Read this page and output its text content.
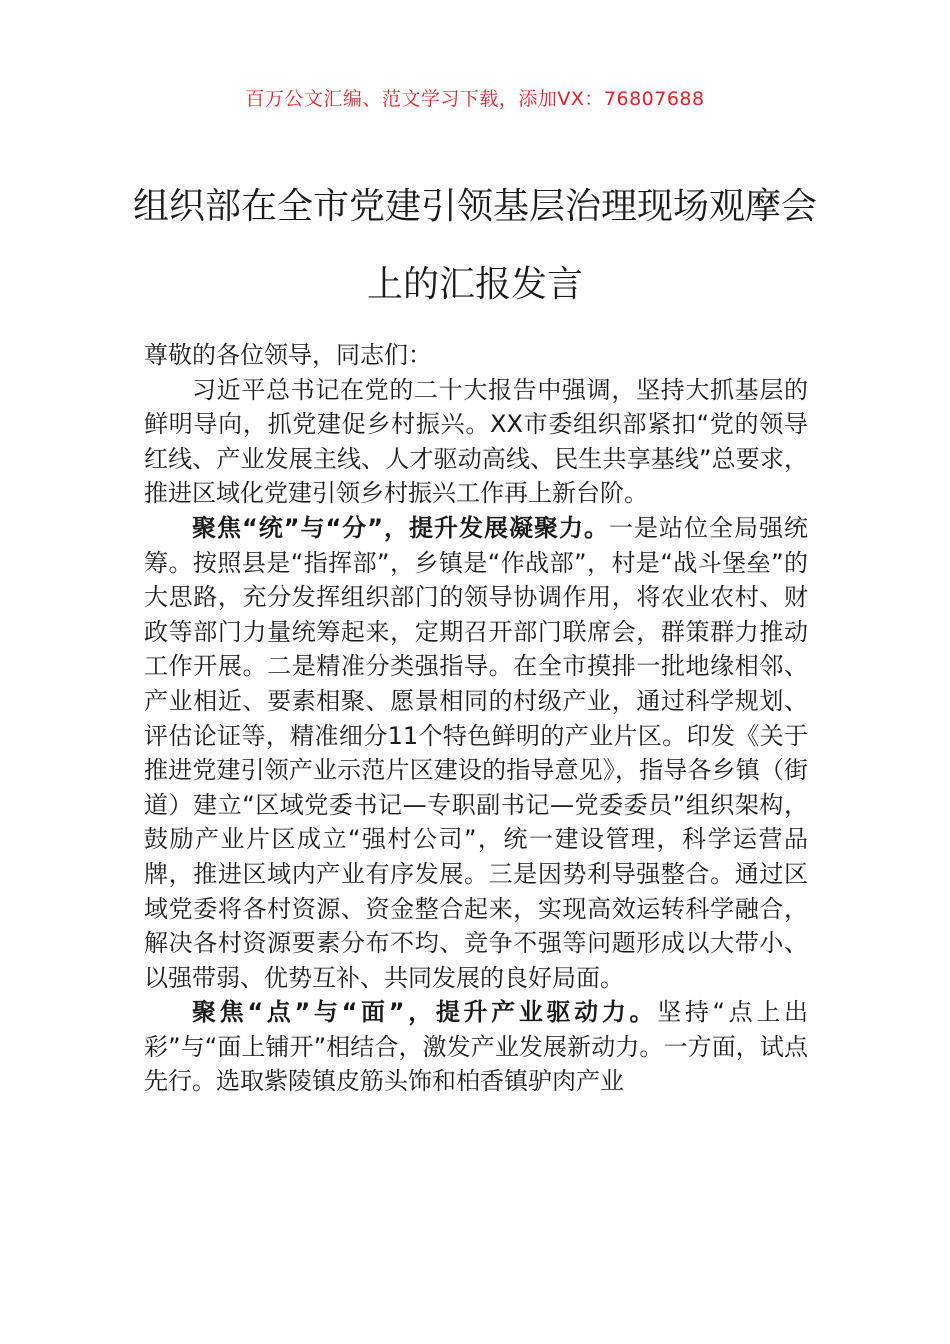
百万公文汇编、范文学习下载，添加VX：76807688
组织部在全市党建引领基层治理现场观摩会上的汇报发言

尊敬的各位领导，同志们：

习近平总书记在党的二十大报告中强调，坚持大抓基层的鲜明导向，抓党建促乡村振兴。XX市委组织部紧扣“党的领导红线、产业发展主线、人才驱动高线、民生共享基线”总要求，推进区域化党建引领乡村振兴工作再上新台阶。

聚焦“统”与“分”，提升发展凝聚力。一是站位全局强统筹。按照县是“指挥部”，乡镇是“作战部”，村是“战斗堡垒”的大思路，充分发挥组织部门的领导协调作用，将农业农村、财政等部门力量统筹起来，定期召开部门联席会，群策群力推动工作开展。二是精准分类强指导。在全市摸排一批地缘相邻、产业相近、要素相聚、愿景相同的村级产业，通过科学规划、评估论证等，精准细分11个特色鲜明的产业片区。印发《关于推进党建引领产业示范片区建设的指导意见》，指导各乡镇（街道）建立“区域党委书记—专职副书记—党委委员”组织架构，鼓励产业片区成立“强村公司”，统一建设管理，科学运营品牌，推进区域内产业有序发展。三是因势利导强整合。通过区域党委将各村资源、资金整合起来，实现高效运转科学融合，解决各村资源要素分布不均、竞争不强等问题形成以大带小、以强带弱、优势互补、共同发展的良好局面。

聚焦“点”与“面”，提升产业驱动力。坚持“点上出彩”与“面上铺开”相结合，激发产业发展新动力。一方面，试点先行。选取紫陵镇皮筋头饰和柏香镇驴肉产业
